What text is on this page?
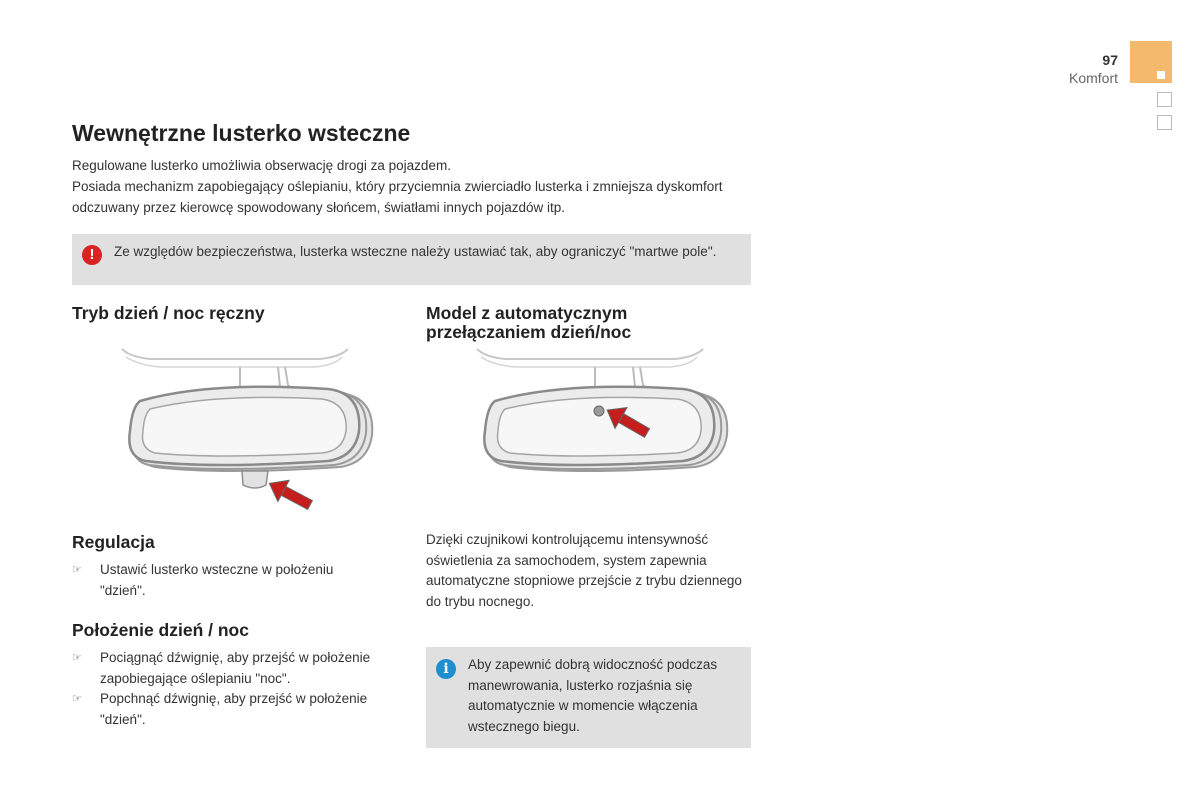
97
Komfort
Wewnętrzne lusterko wsteczne

Regulowane lusterko umożliwia obserwację drogi za pojazdem.

Posiada mechanizm zapobiegający oślepianiu, który przyciemnia zwierciadło lusterka i zmniejsza dyskomfort odczuwany przez kierowcę spowodowany słońcem, światłami innych pojazdów itp.

!	Ze względów bezpieczeństwa, lusterka wsteczne należy ustawiać tak, aby ograniczyć "martwe pole".
Tryb dzień / noc ręczny	Model z automatycznym przełączaniem dzień/noc
Regulacja
☞ Ustawić lusterko wsteczne w położeniu "dzień".
Położenie dzień / noc
☞ Pociągnąć dźwignię, aby przejść w położenie zapobiegające oślepianiu "noc".
☞ Popchnąć dźwignię, aby przejść w położenie "dzień".
Dzięki czujnikowi kontrolującemu intensywność oświetlenia za samochodem, system zapewnia automatyczne stopniowe przejście z trybu dziennego do trybu nocnego.
i	Aby zapewnić dobrą widoczność podczas manewrowania, lusterko rozjaśnia się automatycznie w momencie włączenia wstecznego biegu.
